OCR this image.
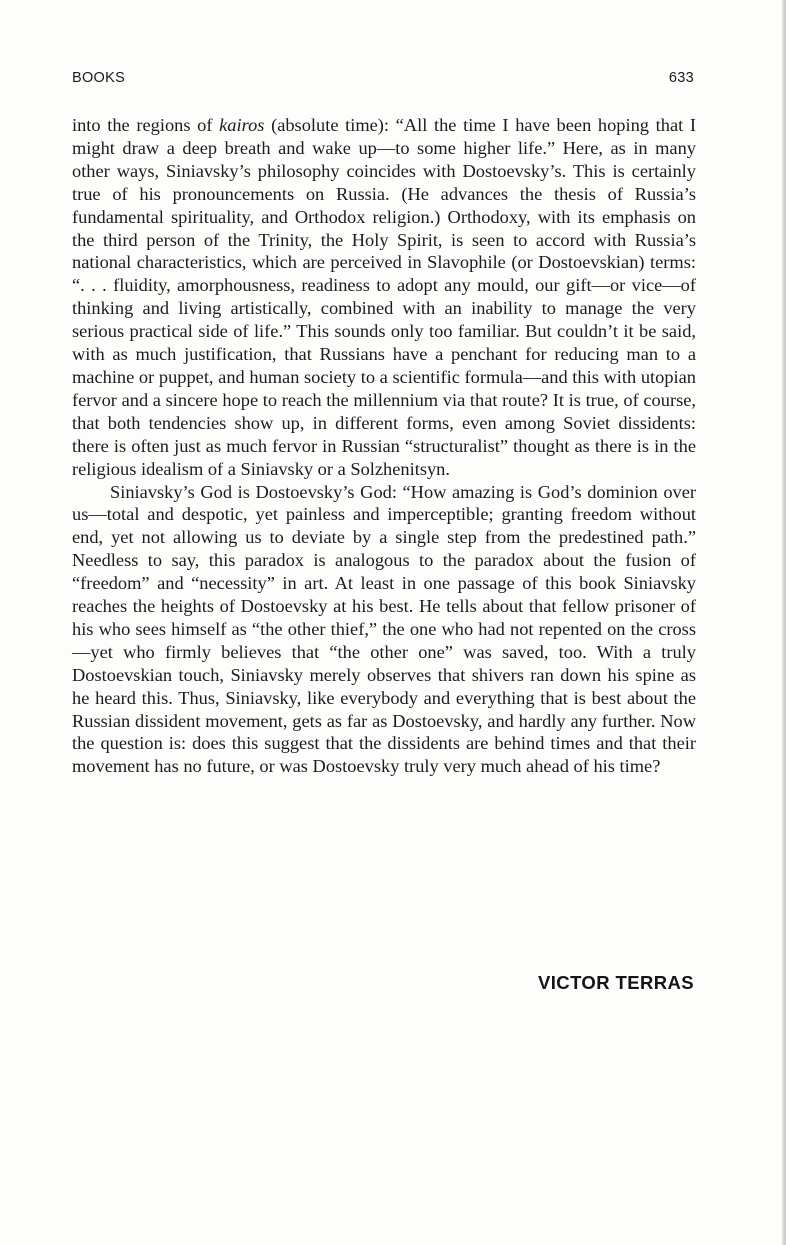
BOOKS	633

into the regions of kairos (absolute time): “All the time I have been hoping that I might draw a deep breath and wake up—to some higher life.” Here, as in many other ways, Siniavsky’s philosophy coincides with Dostoevsky’s. This is certainly true of his pronouncements on Russia. (He advances the thesis of Russia’s fundamental spirituality, and Orthodox religion.) Orthodoxy, with its emphasis on the third person of the Trinity, the Holy Spirit, is seen to accord with Russia’s national characteristics, which are perceived in Slavophile (or Dostoevskian) terms: “. . . fluidity, amorphousness, readiness to adopt any mould, our gift—or vice—of thinking and living artistically, combined with an inability to manage the very serious practical side of life.” This sounds only too familiar. But couldn’t it be said, with as much justification, that Russians have a penchant for reducing man to a machine or puppet, and human society to a scientific formula—and this with utopian fervor and a sincere hope to reach the millennium via that route? It is true, of course, that both tendencies show up, in different forms, even among Soviet dissidents: there is often just as much fervor in Russian “structuralist” thought as there is in the religious idealism of a Siniavsky or a Solzhenitsyn.

Siniavsky’s God is Dostoevsky’s God: “How amazing is God’s dominion over us—total and despotic, yet painless and imperceptible; granting freedom without end, yet not allowing us to deviate by a single step from the predestined path.” Needless to say, this paradox is analogous to the paradox about the fusion of “freedom” and “necessity” in art. At least in one passage of this book Siniavsky reaches the heights of Dostoevsky at his best. He tells about that fellow prisoner of his who sees himself as “the other thief,” the one who had not repented on the cross—yet who firmly believes that “the other one” was saved, too. With a truly Dostoevskian touch, Siniavsky merely observes that shivers ran down his spine as he heard this. Thus, Siniavsky, like everybody and everything that is best about the Russian dissident movement, gets as far as Dostoevsky, and hardly any further. Now the question is: does this suggest that the dissidents are behind times and that their movement has no future, or was Dostoevsky truly very much ahead of his time?

VICTOR TERRAS
